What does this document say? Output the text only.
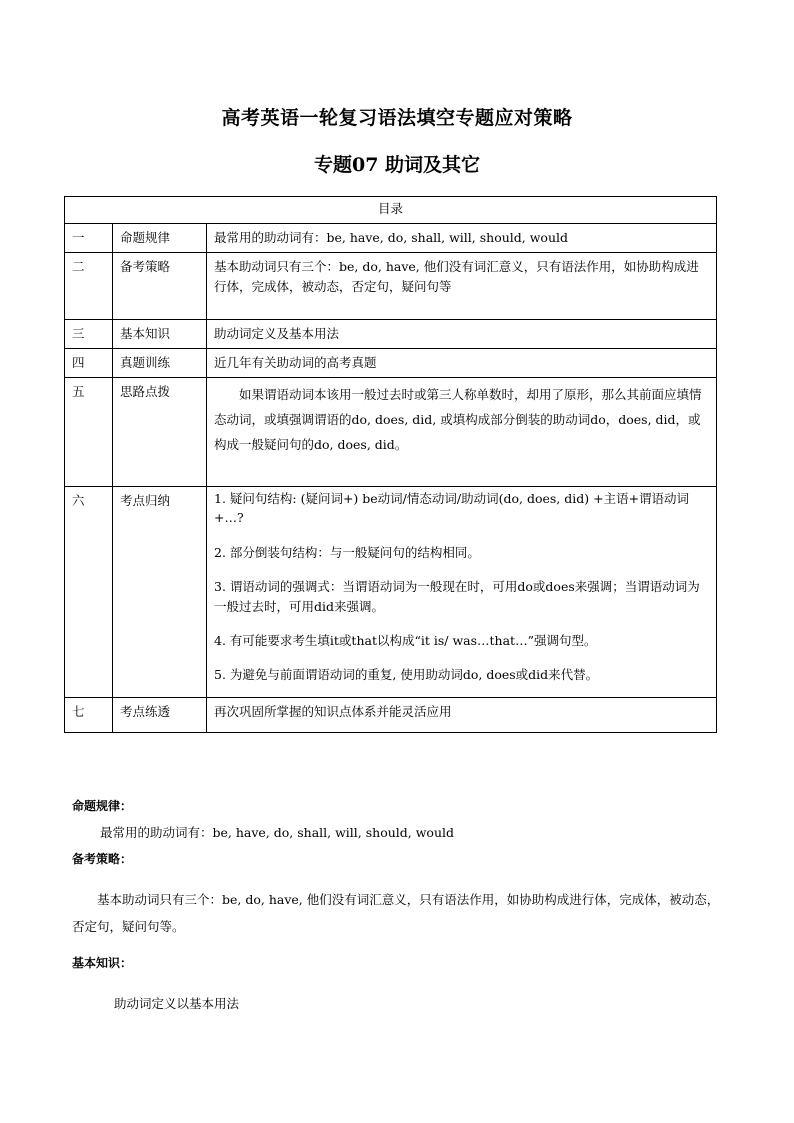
高考英语一轮复习语法填空专题应对策略
专题07 助词及其它
目录		
一	命题规律	最常用的助动词有：be, have, do, shall, will, should, would
二	备考策略	基本助动词只有三个：be, do, have, 他们没有词汇意义，只有语法作用，如协助构成进行体，完成体，被动态，否定句，疑问句等
三	基本知识	助动词定义及基本用法
四	真题训练	近几年有关助动词的高考真题
五	思路点拨	如果谓语动词本该用一般过去时或第三人称单数时，却用了原形，那么其前面应填情态动词，或填强调谓语的do, does, did, 或填构成部分倒装的助动词do，does, did，或构成一般疑问句的do, does, did。
六	考点归纳	1. 疑问句结构: (疑问词+) be动词/情态动词/助动词(do, does, did) +主语+谓语动词+…?
2. 部分倒装句结构：与一般疑问句的结构相同。
3. 谓语动词的强调式：当谓语动词为一般现在时，可用do或does来强调；当谓语动词为一般过去时，可用did来强调。
4. 有可能要求考生填it或that以构成“it is/ was…that…”强调句型。
5. 为避免与前面谓语动词的重复, 使用助动词do, does或did来代替。

七	考点练透	再次巩固所掌握的知识点体系并能灵活应用
命题规律：
最常用的助动词有：be, have, do, shall, will, should, would
备考策略：
基本助动词只有三个：be, do, have, 他们没有词汇意义，只有语法作用，如协助构成进行体，完成体，被动态，否定句，疑问句等。
基本知识：
助动词定义以基本用法
